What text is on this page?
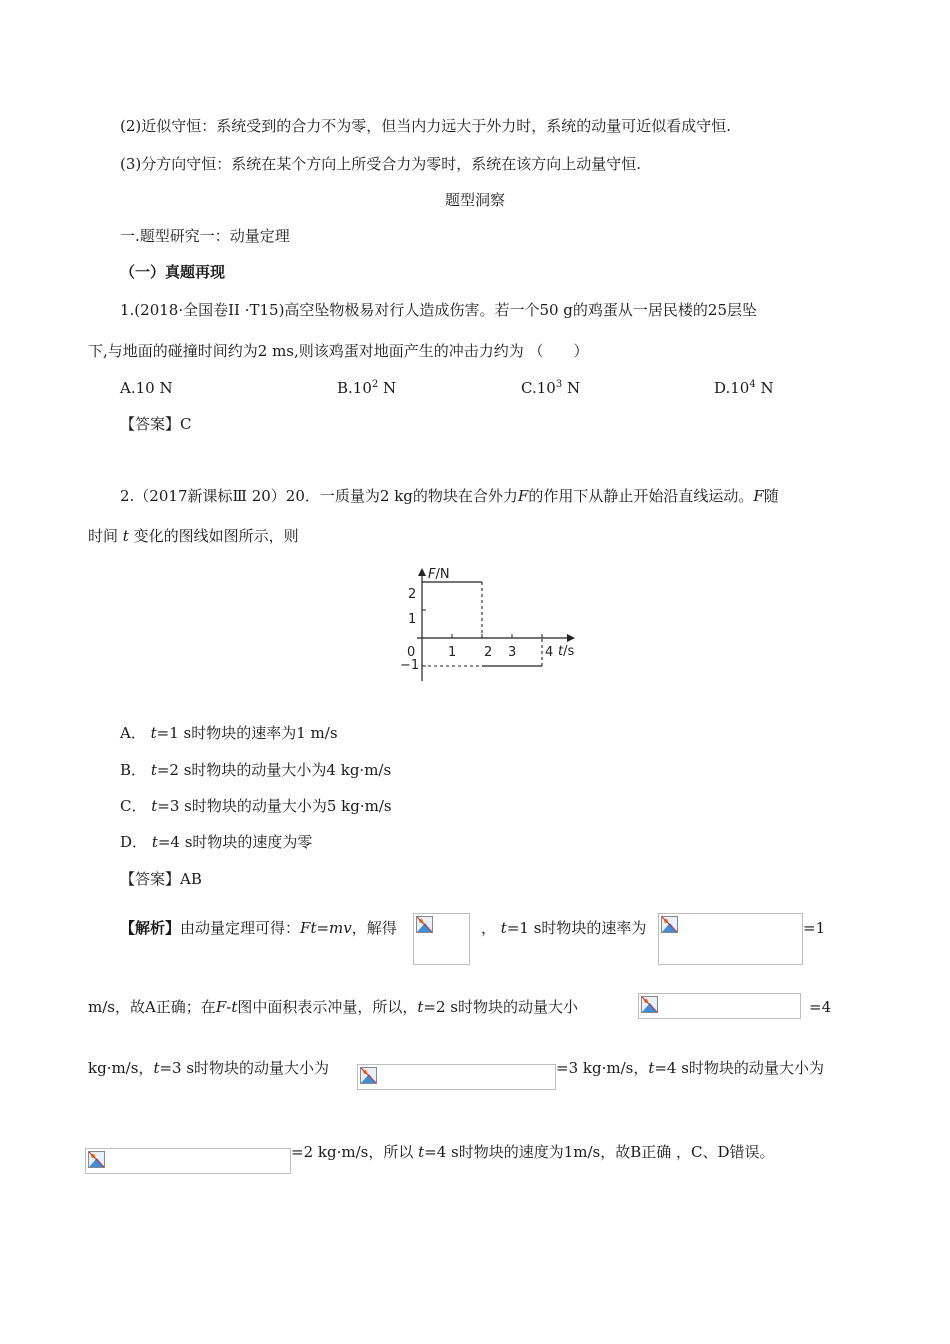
(2)近似守恒：系统受到的合力不为零，但当内力远大于外力时，系统的动量可近似看成守恒.
(3)分方向守恒：系统在某个方向上所受合力为零时，系统在该方向上动量守恒.
题型洞察
一.题型研究一：动量定理
（一）真题再现
1.(2018·全国卷II ·T15)高空坠物极易对行人造成伤害。若一个50 g的鸡蛋从一居民楼的25层坠
下,与地面的碰撞时间约为2 ms,则该鸡蛋对地面产生的冲击力约为 （　　）
A.10 N	$B.10^2$ N	$C.10^3$ N	$D.10^4$ N
【答案】C
2.（2017新课标Ⅲ 20）20．一质量为2 kg的物块在合外力F的作用下从静止开始沿直线运动。F随
时间 t 变化的图线如图所示，则
F/N
t/s
0
2
1
−1
1 2 3 4
A． t=1 s时物块的速率为1 m/s
B． t=2 s时物块的动量大小为4 kg·m/s
C． t=3 s时物块的动量大小为5 kg·m/s
D． t=4 s时物块的速度为零
【答案】AB
【解析】由动量定理可得：Ft=mv，解得	， t=1 s时物块的速率为	=1
m/s，故A正确；在F-t图中面积表示冲量，所以，t=2 s时物块的动量大小	=4
kg·m/s，t=3 s时物块的动量大小为	=3 kg·m/s，t=4 s时物块的动量大小为
=2 kg·m/s，所以 t=4 s时物块的速度为1m/s，故B正确 ，C、D错误。
